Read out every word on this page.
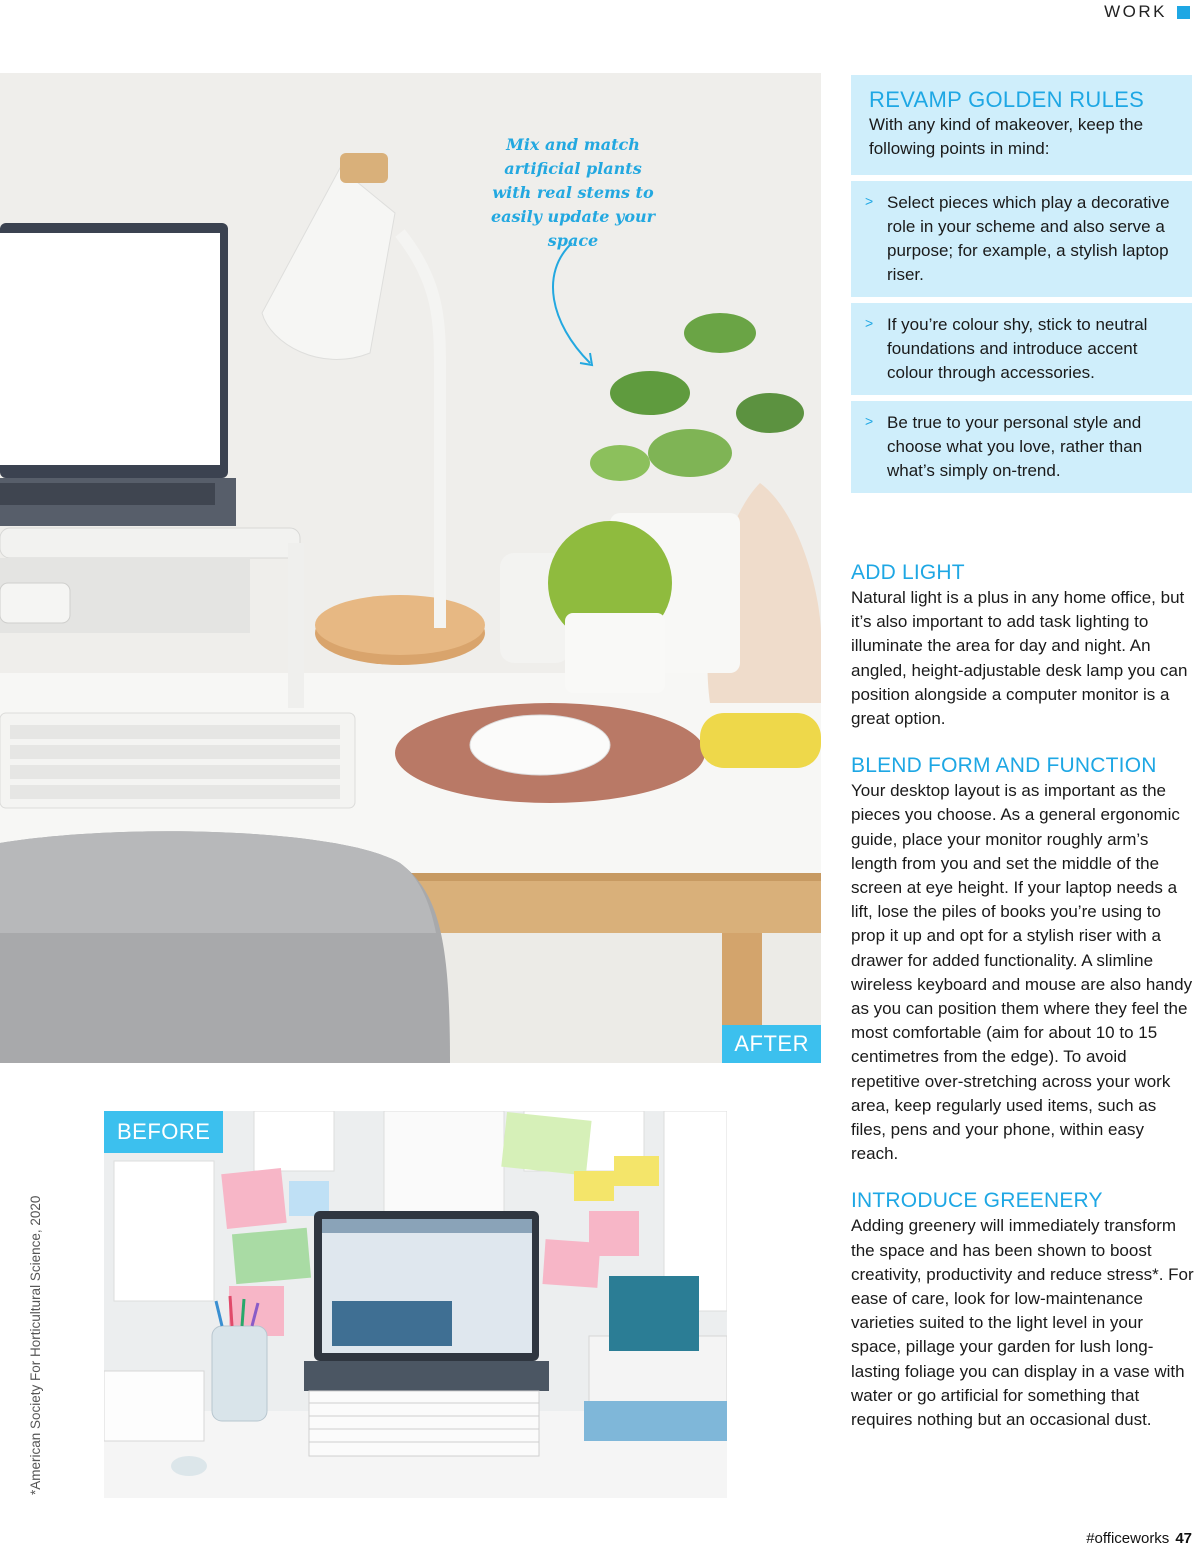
WORK
Mix and match artificial plants with real stems to easily update your space
AFTER
BEFORE
*American Society For Horticultural Science, 2020
REVAMP GOLDEN RULES
With any kind of makeover, keep the following points in mind:
> Select pieces which play a decorative role in your scheme and also serve a purpose; for example, a stylish laptop riser.
> If you’re colour shy, stick to neutral foundations and introduce accent colour through accessories.
> Be true to your personal style and choose what you love, rather than what’s simply on-trend.
ADD LIGHT

Natural light is a plus in any home office, but it’s also important to add task lighting to illuminate the area for day and night. An angled, height-adjustable desk lamp you can position alongside a computer monitor is a great option.

BLEND FORM AND FUNCTION

Your desktop layout is as important as the pieces you choose. As a general ergonomic guide, place your monitor roughly arm’s length from you and set the middle of the screen at eye height. If your laptop needs a lift, lose the piles of books you’re using to prop it up and opt for a stylish riser with a drawer for added functionality. A slimline wireless keyboard and mouse are also handy as you can position them where they feel the most comfortable (aim for about 10 to 15 centimetres from the edge). To avoid repetitive over-stretching across your work area, keep regularly used items, such as files, pens and your phone, within easy reach.

INTRODUCE GREENERY

Adding greenery will immediately transform the space and has been shown to boost creativity, productivity and reduce stress*. For ease of care, look for low-maintenance varieties suited to the light level in your space, pillage your garden for lush long-lasting foliage you can display in a vase with water or go artificial for something that requires nothing but an occasional dust.

#officeworks 47
